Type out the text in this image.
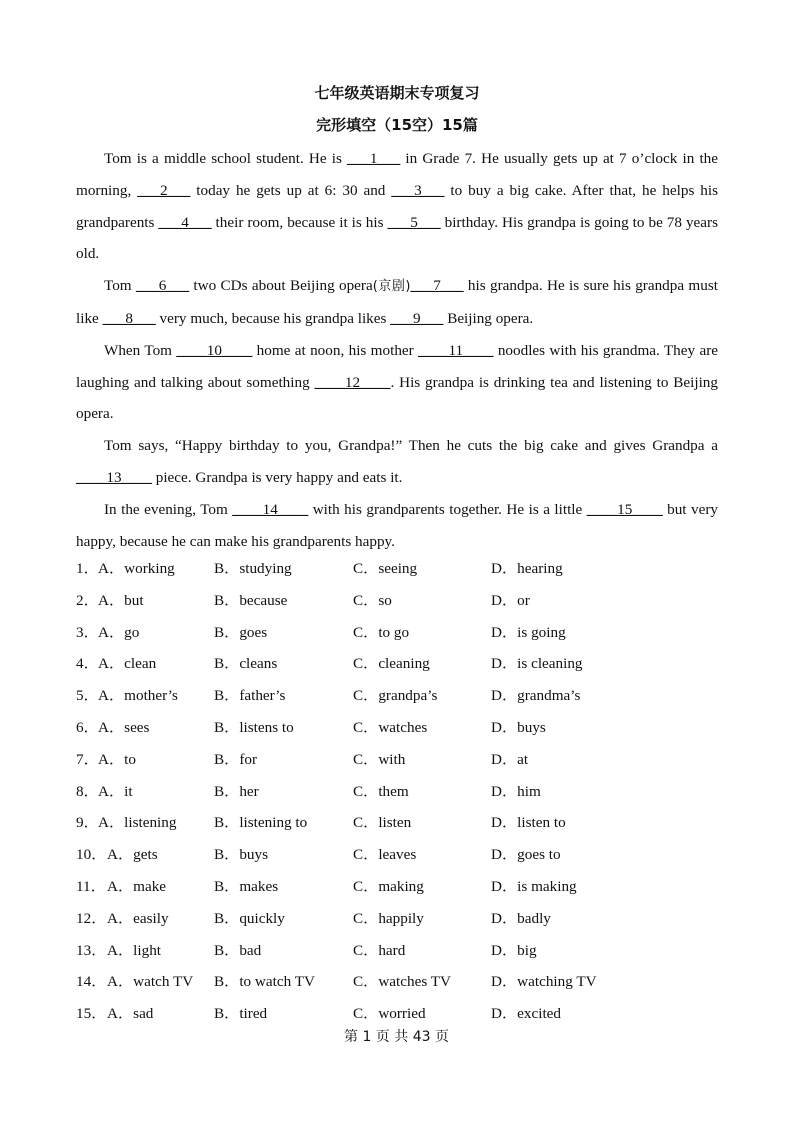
七年级英语期末专项复习
完形填空（15空）15篇

Tom is a middle school student. He is ___1___ in Grade 7. He usually gets up at 7 o’clock in the morning, ___2___ today he gets up at 6: 30 and ___3___ to buy a big cake. After that, he helps his grandparents ___4___ their room, because it is his ___5___ birthday. His grandpa is going to be 78 years old.

Tom ___6___ two CDs about Beijing opera(京剧)___7___ his grandpa. He is sure his grandpa must like ___8___ very much, because his grandpa likes ___9___ Beijing opera.

When Tom ____10____ home at noon, his mother ____11____ noodles with his grandma. They are laughing and talking about something ____12____. His grandpa is drinking tea and listening to Beijing opera.

Tom says, “Happy birthday to you, Grandpa!” Then he cuts the big cake and gives Grandpa a ____13____ piece. Grandpa is very happy and eats it.

In the evening, Tom ____14____ with his grandparents together. He is a little ____15____ but very happy, because he can make his grandparents happy.

1． A．working	B．studying	C．seeing	D．hearing
2． A．but	B．because	C．so	D．or
3． A．go	B．goes	C．to go	D．is going
4． A．clean	B．cleans	C．cleaning	D．is cleaning
5． A．mother’s B．father’s	C．grandpa’s	D．grandma’s
6． A．sees	B．listens to	C．watches	D．buys
7． A．to	B．for	C．with	D．at
8． A．it	B．her	C．them	D．him
9． A．listening B．listening to	C．listen	D．listen to
10． A．gets	B．buys	C．leaves	D．goes to
11． A．make	B．makes	C．making	D．is making
12． A．easily	B．quickly	C．happily	D．badly
13． A．light	B．bad	C．hard	D．big
14． A．watch TV B．to watch TV	C．watches TV	D．watching TV
15． A．sad	B．tired	C．worried	D．excited
第 1 页 共 43 页
